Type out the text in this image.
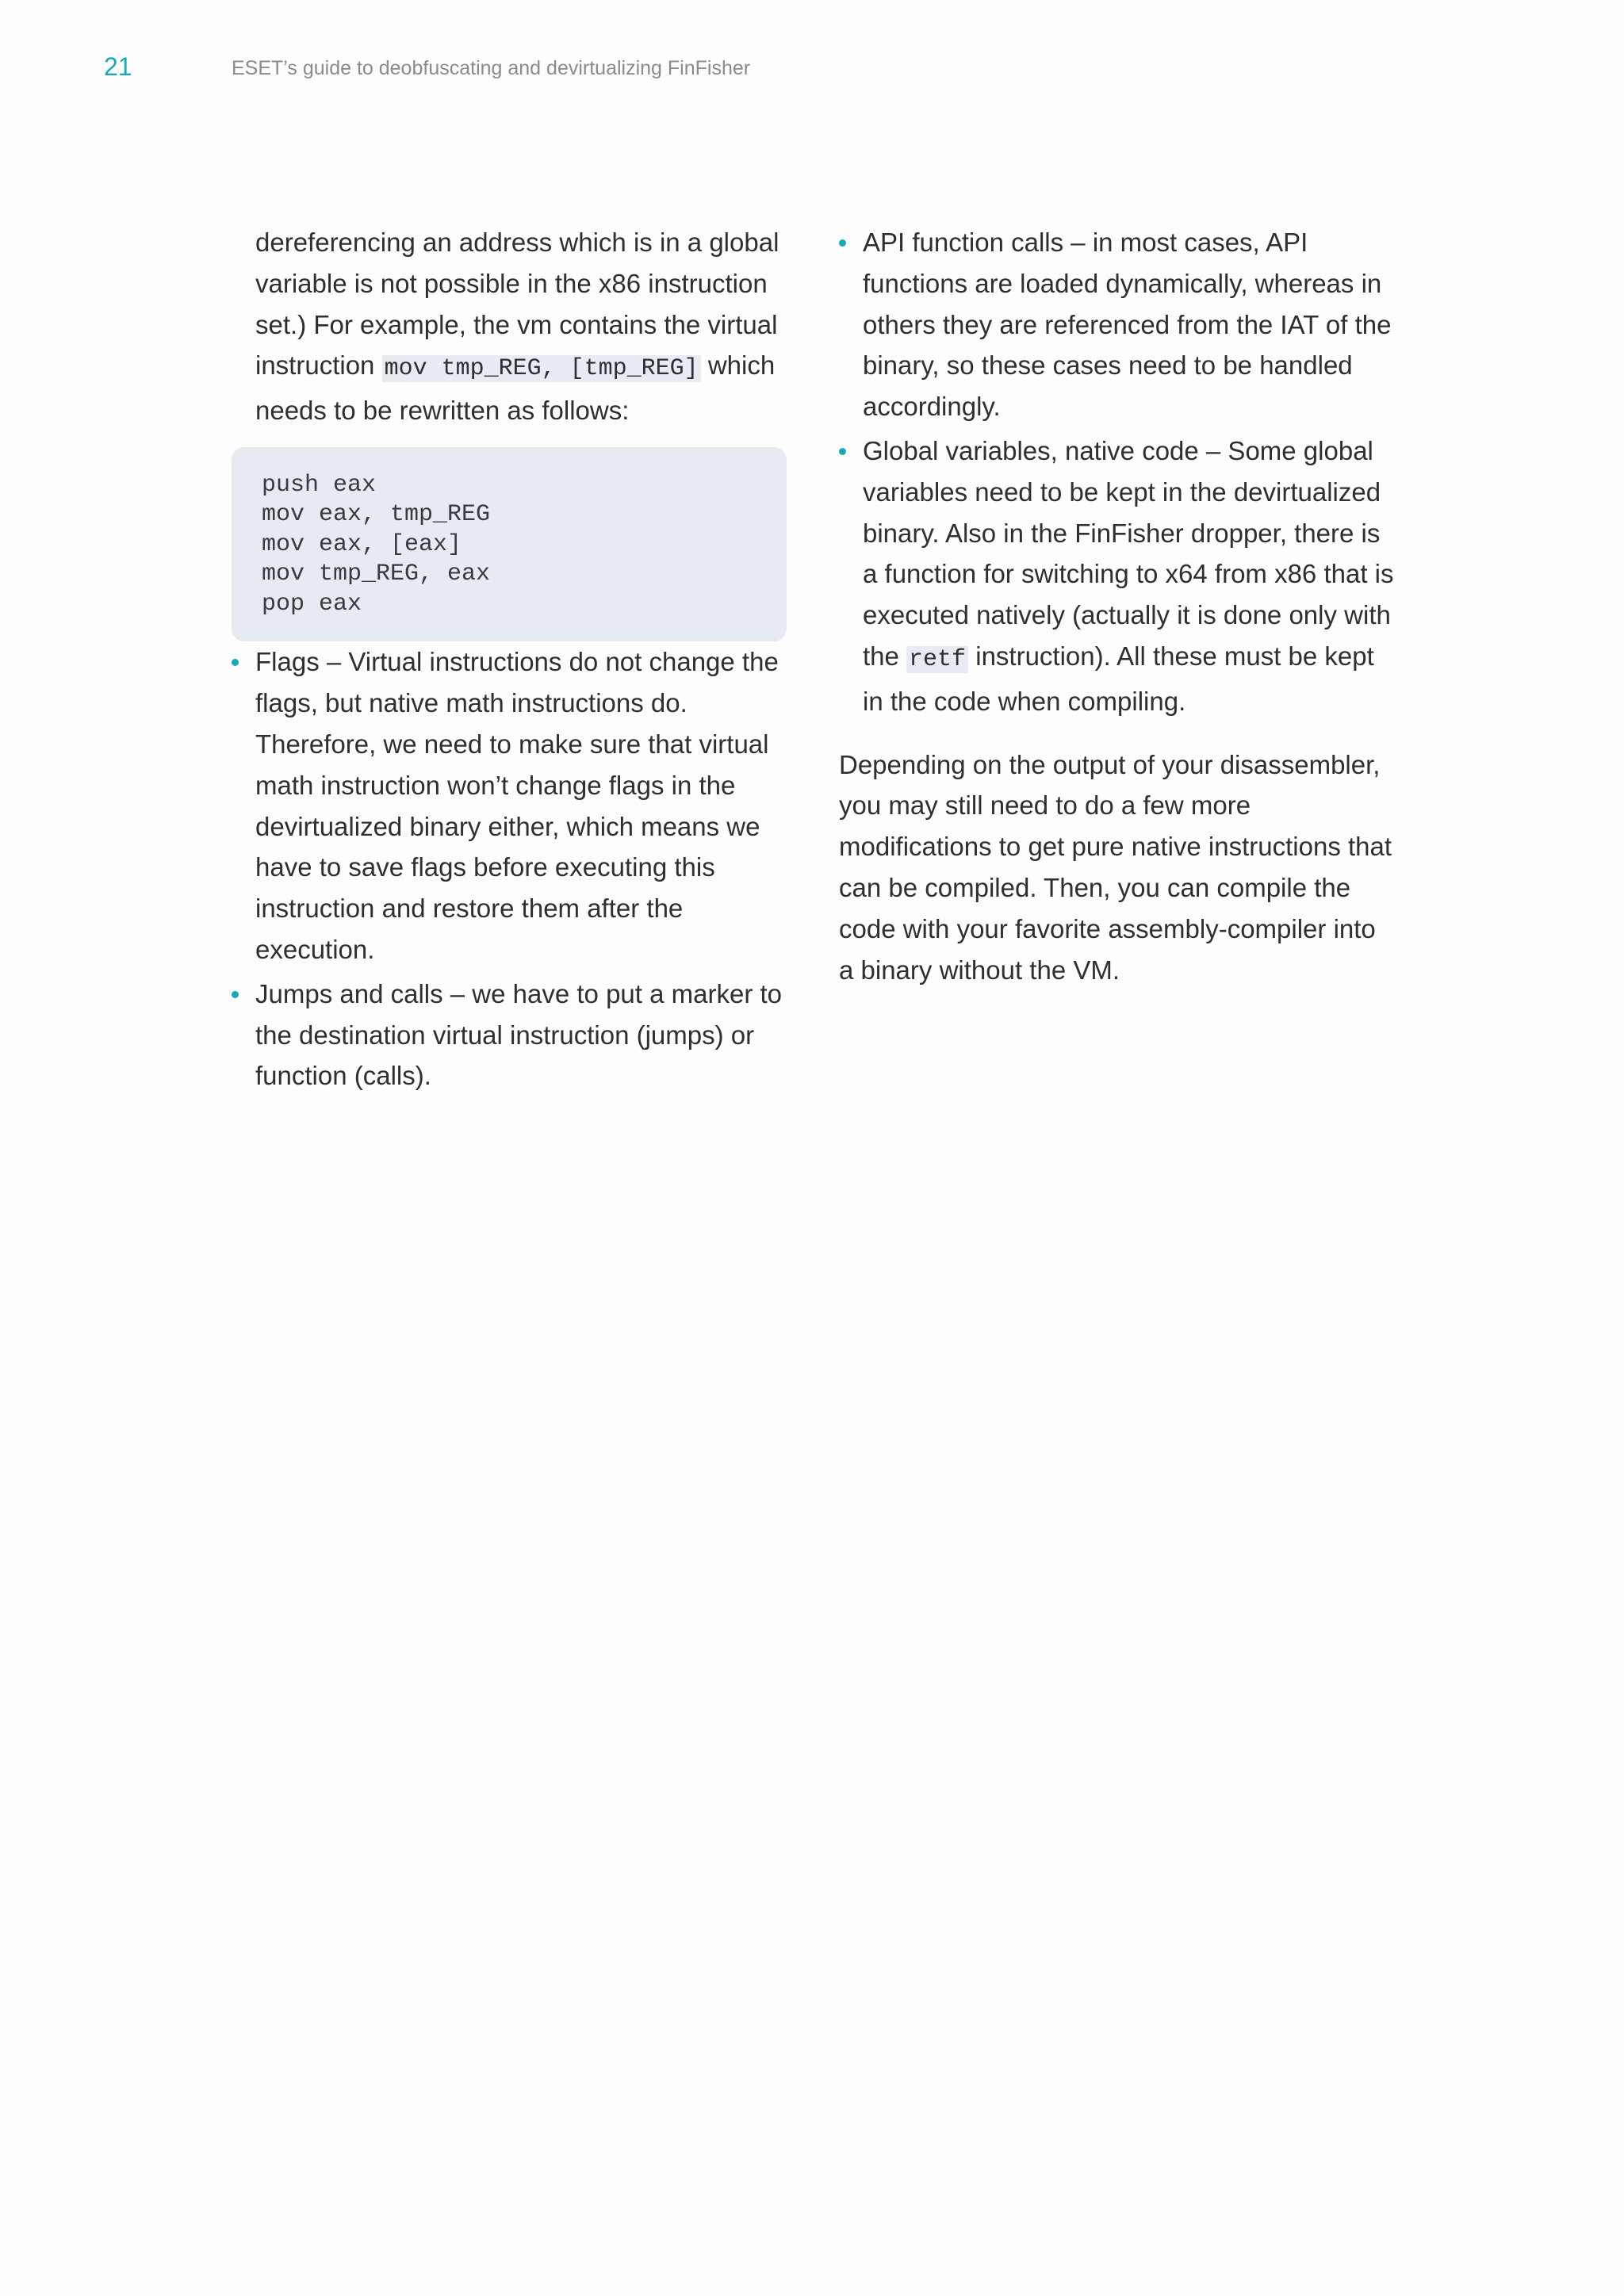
21	ESET’s guide to deobfuscating and devirtualizing FinFisher

dereferencing an address which is in a global variable is not possible in the x86 instruction set.) For example, the vm contains the virtual instruction mov tmp_REG, [tmp_REG] which needs to be rewritten as follows:

push eax
mov eax, tmp_REG
mov eax, [eax]
mov tmp_REG, eax
pop eax
Flags – Virtual instructions do not change the flags, but native math instructions do. Therefore, we need to make sure that virtual math instruction won’t change flags in the devirtualized binary either, which means we have to save flags before executing this instruction and restore them after the execution.
Jumps and calls – we have to put a marker to the destination virtual instruction (jumps) or function (calls).
API function calls – in most cases, API functions are loaded dynamically, whereas in others they are referenced from the IAT of the binary, so these cases need to be handled accordingly.
Global variables, native code – Some global variables need to be kept in the devirtualized binary. Also in the FinFisher dropper, there is a function for switching to x64 from x86 that is executed natively (actually it is done only with the retf instruction). All these must be kept in the code when compiling.

Depending on the output of your disassembler, you may still need to do a few more modifications to get pure native instructions that can be compiled. Then, you can compile the code with your favorite assembly-compiler into a binary without the VM.
